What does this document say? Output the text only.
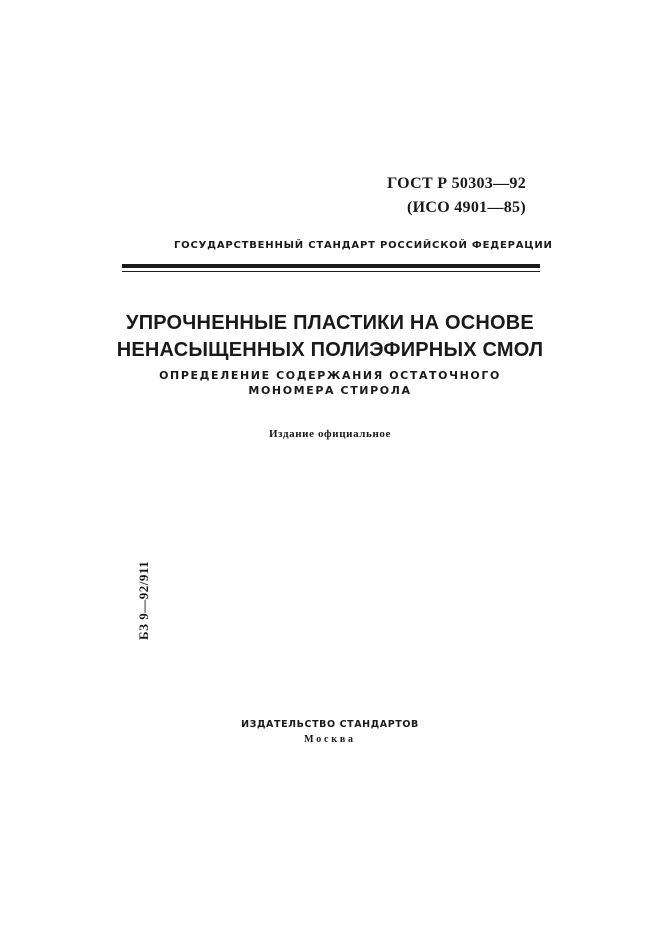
ГОСТ Р 50303—92
(ИСО 4901—85)
ГОСУДАРСТВЕННЫЙ СТАНДАРТ РОССИЙСКОЙ ФЕДЕРАЦИИ
УПРОЧНЕННЫЕ ПЛАСТИКИ НА ОСНОВЕ
НЕНАСЫЩЕННЫХ ПОЛИЭФИРНЫХ СМОЛ
ОПРЕДЕЛЕНИЕ СОДЕРЖАНИЯ ОСТАТОЧНОГО
МОНОМЕРА СТИРОЛА
Издание официальное
БЗ 9—92/911
ИЗДАТЕЛЬСТВО СТАНДАРТОВ
Москва
